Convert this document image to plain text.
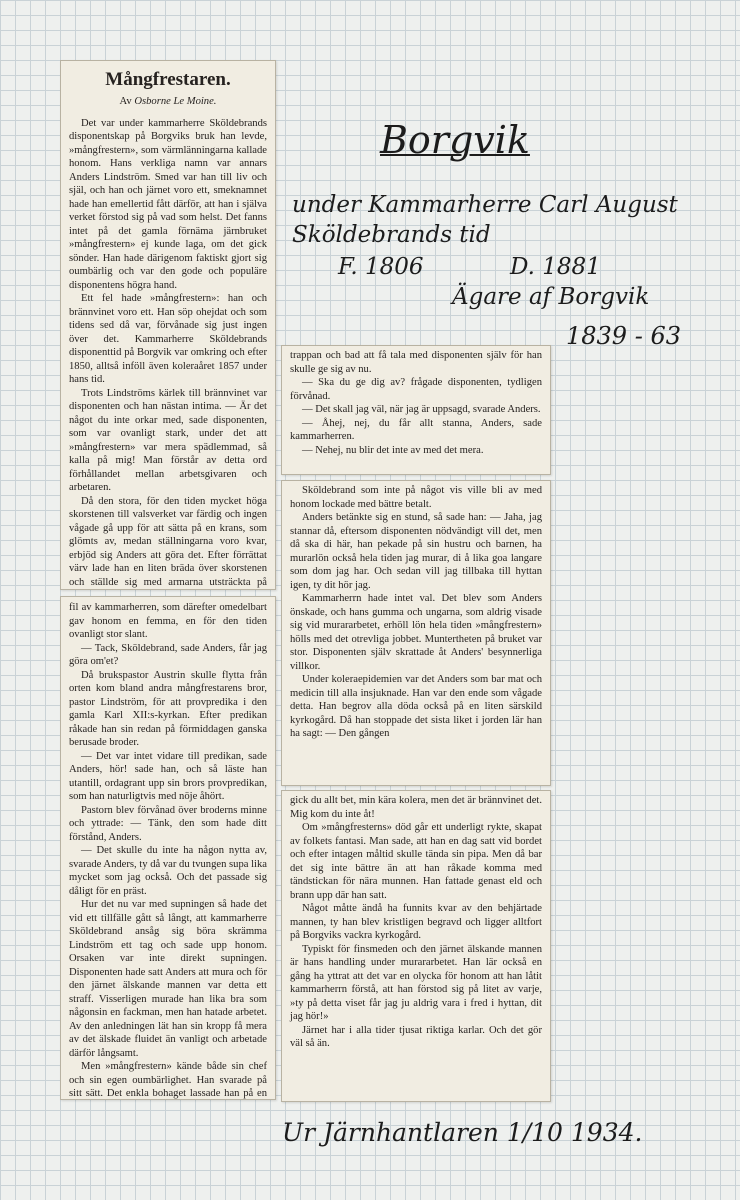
Mångfrestaren.
Av Osborne Le Moine.

Det var under kammarherre Sköldebrands disponentskap på Borgviks bruk han levde, »mångfrestern», som värmlänningarna kallade honom. Hans verkliga namn var annars Anders Lindström. Smed var han till liv och själ, och han och järnet voro ett, smeknamnet hade han emellertid fått därför, att han i själva verket förstod sig på vad som helst. Det fanns intet på det gamla förnäma järnbruket »mångfrestern» ej kunde laga, om det gick sönder. Han hade därigenom faktiskt gjort sig oumbärlig och var den gode och populäre disponentens högra hand.

Ett fel hade »mångfrestern»: han och brännvinet voro ett. Han söp ohejdat och som tidens sed då var, förvånade sig just ingen över det. Kammarherre Sköldebrands disponenttid på Borgvik var omkring och efter 1850, alltså inföll även koleraåret 1857 under hans tid.

Trots Lindströms kärlek till brännvinet var disponenten och han nästan intima. — Är det något du inte orkar med, sade disponenten, som var ovanligt stark, under det att »mångfrestern» var mera spädlemmad, så kalla på mig! Man förstår av detta ord förhållandet mellan arbetsgivaren och arbetaren.

Då den stora, för den tiden mycket höga skorstenen till valsverket var färdig och ingen vågade gå upp för att sätta på en krans, som glömts av, medan ställningarna voro kvar, erbjöd sig Anders att göra det. Efter förrättat värv lade han en liten bräda över skorstenen och ställde sig med armarna utsträckta på

fil av kammarherren, som därefter omedelbart gav honom en femma, en för den tiden ovanligt stor slant.

— Tack, Sköldebrand, sade Anders, får jag göra om'et?

Då brukspastor Austrin skulle flytta från orten kom bland andra mångfrestarens bror, pastor Lindström, för att provpredika i den gamla Karl XII:s-kyrkan. Efter predikan råkade han sin redan på förmiddagen ganska berusade broder.

— Det var intet vidare till predikan, sade Anders, hör! sade han, och så läste han utantill, ordagrant upp sin brors provpredikan, som han naturligtvis med nöje åhört.

Pastorn blev förvånad över broderns minne och yttrade: — Tänk, den som hade ditt förstånd, Anders.

— Det skulle du inte ha någon nytta av, svarade Anders, ty då var du tvungen supa lika mycket som jag också. Och det passade sig dåligt för en präst.

Hur det nu var med supningen så hade det vid ett tillfälle gått så långt, att kammarherre Sköldebrand ansåg sig böra skrämma Lindström ett tag och sade upp honom. Orsaken var inte direkt supningen. Disponenten hade satt Anders att mura och för den järnet älskande mannen var detta ett straff. Visserligen murade han lika bra som någonsin en fackman, men han hatade arbetet. Av den anledningen lät han sin kropp få mera av det älskade fluidet än vanligt och arbetade därför långsamt.

Men »mångfrestern» kände både sin chef och sin egen oumbärlighet. Han svarade på sitt sätt. Det enkla bohaget lassade han på en

trappan och bad att få tala med disponenten själv för han skulle ge sig av nu.

— Ska du ge dig av? frågade disponenten, tydligen förvånad.

— Det skall jag väl, när jag är uppsagd, svarade Anders.

— Åhej, nej, du får allt stanna, Anders, sade kammarherren.

— Nehej, nu blir det inte av med det mera.

Sköldebrand som inte på något vis ville bli av med honom lockade med bättre betalt.

Anders betänkte sig en stund, så sade han: — Jaha, jag stannar då, eftersom disponenten nödvändigt vill det, men då ska di här, han pekade på sin hustru och barnen, ha murarlön också hela tiden jag murar, di å lika goa langare som dom jag har. Och sedan vill jag tillbaka till hyttan igen, ty dit hör jag.

Kammarherrn hade intet val. Det blev som Anders önskade, och hans gumma och ungarna, som aldrig visade sig vid murararbetet, erhöll lön hela tiden »mångfrestern» hölls med det otrevliga jobbet. Muntertheten på bruket var stor. Disponenten själv skrattade åt Anders' besynnerliga villkor.

Under koleraepidemien var det Anders som bar mat och medicin till alla insjuknade. Han var den ende som vågade detta. Han begrov alla döda också på en liten särskild kyrkogård. Då han stoppade det sista liket i jorden lär han ha sagt: — Den gången

gick du allt bet, min kära kolera, men det är brännvinet det. Mig kom du inte åt!

Om »mångfresterns» död går ett underligt rykte, skapat av folkets fantasi. Man sade, att han en dag satt vid bordet och efter intagen måltid skulle tända sin pipa. Men då bar det sig inte bättre än att han råkade komma med tändstickan för nära munnen. Han fattade genast eld och brann upp där han satt.

Något måtte ändå ha funnits kvar av den behjärtade mannen, ty han blev kristligen begravd och ligger alltfort på Borgviks vackra kyrkogård.

Typiskt för finsmeden och den järnet älskande mannen är hans handling under murararbetet. Han lär också en gång ha yttrat att det var en olycka för honom att han låtit kammarherrn förstå, att han förstod sig på litet av varje, »ty på detta viset får jag ju aldrig vara i fred i hyttan, dit jag hör!»

Järnet har i alla tider tjusat riktiga karlar. Och det gör väl så än.

Borgvik
under Kammarherre Carl August
Sköldebrands tid
F. 1806	D. 1881
Ägare af Borgvik
1839 - 63
Ur Järnhantlaren 1/10 1934.
